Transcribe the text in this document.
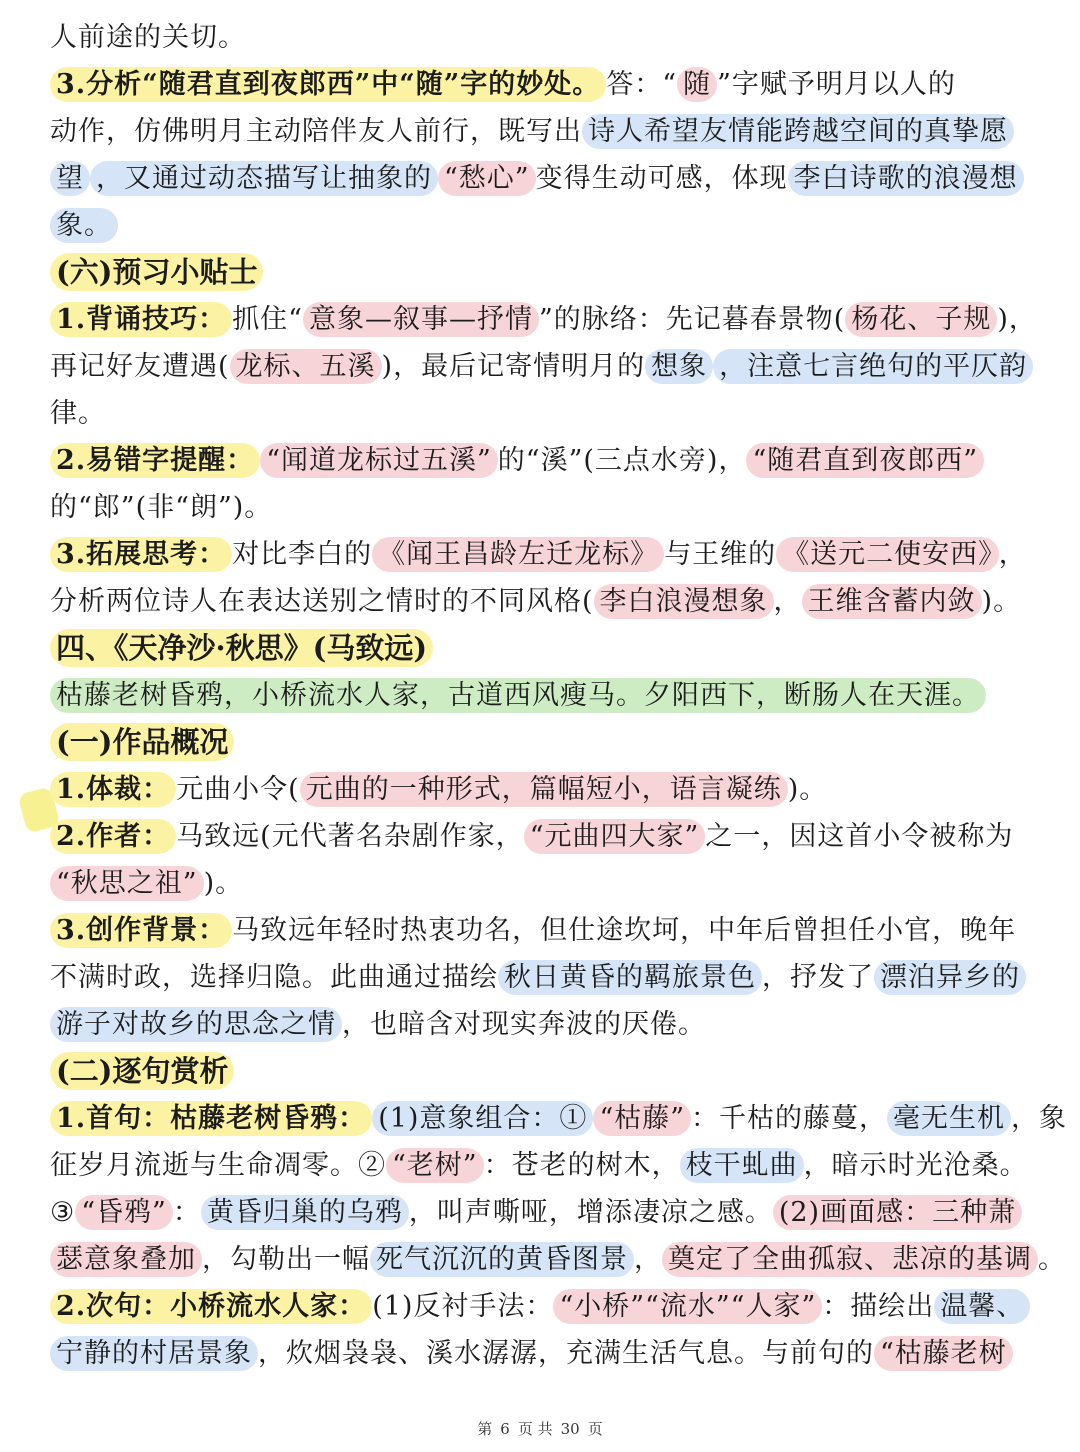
人前途的关切。
3.分析“随君直到夜郎西”中“随”字的妙处。 答：“ 随 ”字赋予明月以人的
动作，仿佛明月主动陪伴友人前行，既写出 诗人希望友情能跨越空间的真挚愿
望 ，又通过动态描写让抽象的 “愁心” 变得生动可感，体现 李白诗歌的浪漫想
象。
(六)预习小贴士
1.背诵技巧： 抓住“ 意象—叙事—抒情 ”的脉络：先记暮春景物( 杨花、子规 )，
再记好友遭遇( 龙标、五溪 )，最后记寄情明月的 想象 ，注意七言绝句的平仄韵
律。
2.易错字提醒： “闻道龙标过五溪” 的“溪”(三点水旁)， “随君直到夜郎西”
的“郎”(非“朗”)。
3.拓展思考： 对比李白的 《闻王昌龄左迁龙标》 与王维的 《送元二使安西》 ，
分析两位诗人在表达送别之情时的不同风格( 李白浪漫想象 ， 王维含蓄内敛 )。
四、《天净沙·秋思》(马致远)
枯藤老树昏鸦，小桥流水人家，古道西风瘦马。夕阳西下，断肠人在天涯。
(一)作品概况
1.体裁： 元曲小令( 元曲的一种形式，篇幅短小，语言凝练 )。
2.作者： 马致远(元代著名杂剧作家， “元曲四大家” 之一，因这首小令被称为
“秋思之祖” )。
3.创作背景： 马致远年轻时热衷功名，但仕途坎坷，中年后曾担任小官，晚年
不满时政，选择归隐。此曲通过描绘 秋日黄昏的羁旅景色 ，抒发了 漂泊异乡的
游子对故乡的思念之情 ，也暗含对现实奔波的厌倦。
(二)逐句赏析
1.首句：枯藤老树昏鸦： (1)意象组合：① “枯藤” ：千枯的藤蔓， 毫无生机 ，象
征岁月流逝与生命凋零。② “老树” ：苍老的树木， 枝干虬曲 ，暗示时光沧桑。
③ “昏鸦” ： 黄昏归巢的乌鸦 ，叫声嘶哑，增添凄凉之感。 (2)画面感：三种萧
瑟意象叠加 ，勾勒出一幅 死气沉沉的黄昏图景 ， 奠定了全曲孤寂、悲凉的基调 。
2.次句：小桥流水人家： (1)反衬手法： “小桥”“流水”“人家” ：描绘出 温馨、
宁静的村居景象 ，炊烟袅袅、溪水潺潺，充满生活气息。与前句的 “枯藤老树
第 6 页 共 30 页
